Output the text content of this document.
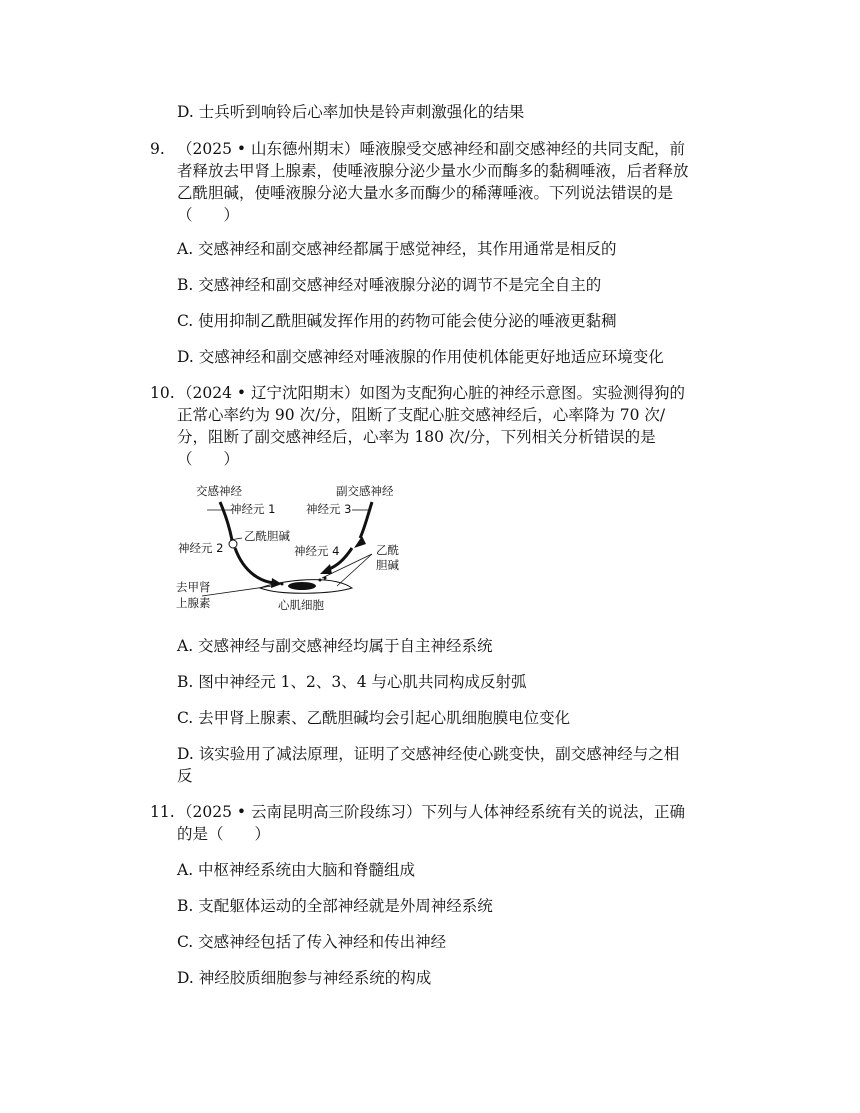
D. 士兵听到响铃后心率加快是铃声刺激强化的结果
9. （2025 • 山东德州期末）唾液腺受交感神经和副交感神经的共同支配，前
者释放去甲肾上腺素，使唾液腺分泌少量水少而酶多的黏稠唾液，后者释放
乙酰胆碱，使唾液腺分泌大量水多而酶少的稀薄唾液。下列说法错误的是
（　　）
A. 交感神经和副交感神经都属于感觉神经，其作用通常是相反的
B. 交感神经和副交感神经对唾液腺分泌的调节不是完全自主的
C. 使用抑制乙酰胆碱发挥作用的药物可能会使分泌的唾液更黏稠
D. 交感神经和副交感神经对唾液腺的作用使机体能更好地适应环境变化
10. （2024 • 辽宁沈阳期末）如图为支配狗心脏的神经示意图。实验测得狗的
正常心率约为 90 次/分，阻断了支配心脏交感神经后，心率降为 70 次/
分，阻断了副交感神经后，心率为 180 次/分，下列相关分析错误的是
（　　）
交感神经	副交感神经
神经元 1	神经元 3
乙酰胆碱
神经元 2	神经元 4	乙酰
胆碱
去甲肾
上腺素	心肌细胞
A. 交感神经与副交感神经均属于自主神经系统
B. 图中神经元 1、2、3、4 与心肌共同构成反射弧
C. 去甲肾上腺素、乙酰胆碱均会引起心肌细胞膜电位变化
D. 该实验用了减法原理，证明了交感神经使心跳变快，副交感神经与之相
反
11. （2025 • 云南昆明高三阶段练习）下列与人体神经系统有关的说法，正确
的是（　　）
A. 中枢神经系统由大脑和脊髓组成
B. 支配躯体运动的全部神经就是外周神经系统
C. 交感神经包括了传入神经和传出神经
D. 神经胶质细胞参与神经系统的构成
